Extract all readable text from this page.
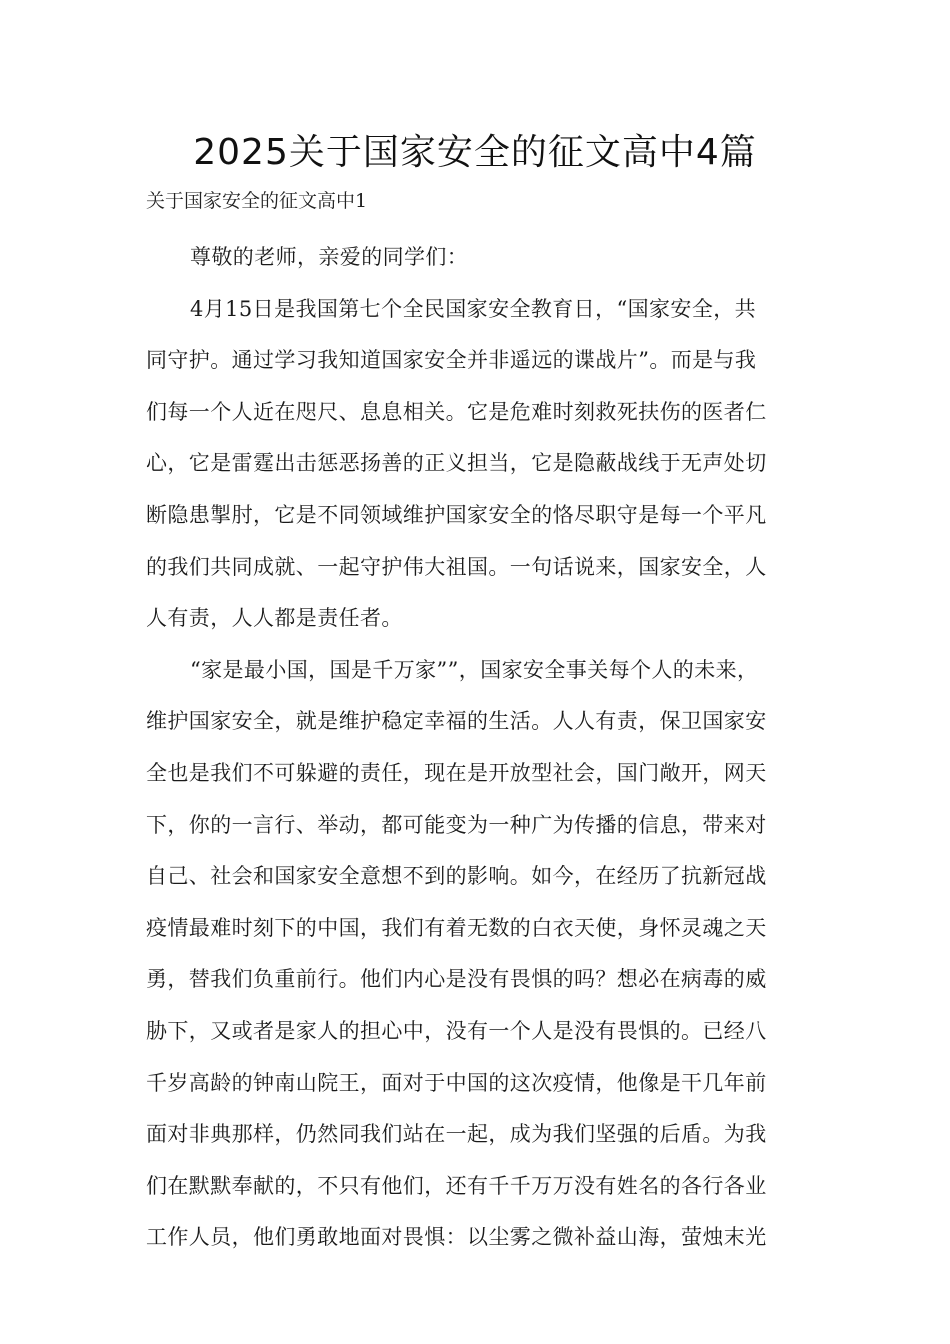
2025关于国家安全的征文高中4篇
关于国家安全的征文高中1
尊敬的老师，亲爱的同学们：
4月15日是我国第七个全民国家安全教育日，“国家安全，共
同守护。通过学习我知道国家安全并非遥远的谍战片”。而是与我
们每一个人近在咫尺、息息相关。它是危难时刻救死扶伤的医者仁
心，它是雷霆出击惩恶扬善的正义担当，它是隐蔽战线于无声处切
断隐患掣肘，它是不同领域维护国家安全的恪尽职守是每一个平凡
的我们共同成就、一起守护伟大祖国。一句话说来，国家安全，人
人有责，人人都是责任者。
“家是最小国，国是千万家””，国家安全事关每个人的未来，
维护国家安全，就是维护稳定幸福的生活。人人有责，保卫国家安
全也是我们不可躲避的责任，现在是开放型社会，国门敞开，网天
下，你的一言行、举动，都可能变为一种广为传播的信息，带来对
自己、社会和国家安全意想不到的影响。如今，在经历了抗新冠战
疫情最难时刻下的中国，我们有着无数的白衣天使，身怀灵魂之天
勇，替我们负重前行。他们内心是没有畏惧的吗？想必在病毒的威
胁下，又或者是家人的担心中，没有一个人是没有畏惧的。已经八
千岁高龄的钟南山院王，面对于中国的这次疫情，他像是干几年前
面对非典那样，仍然同我们站在一起，成为我们坚强的后盾。为我
们在默默奉献的，不只有他们，还有千千万万没有姓名的各行各业
工作人员，他们勇敢地面对畏惧：以尘雾之微补益山海，萤烛末光
